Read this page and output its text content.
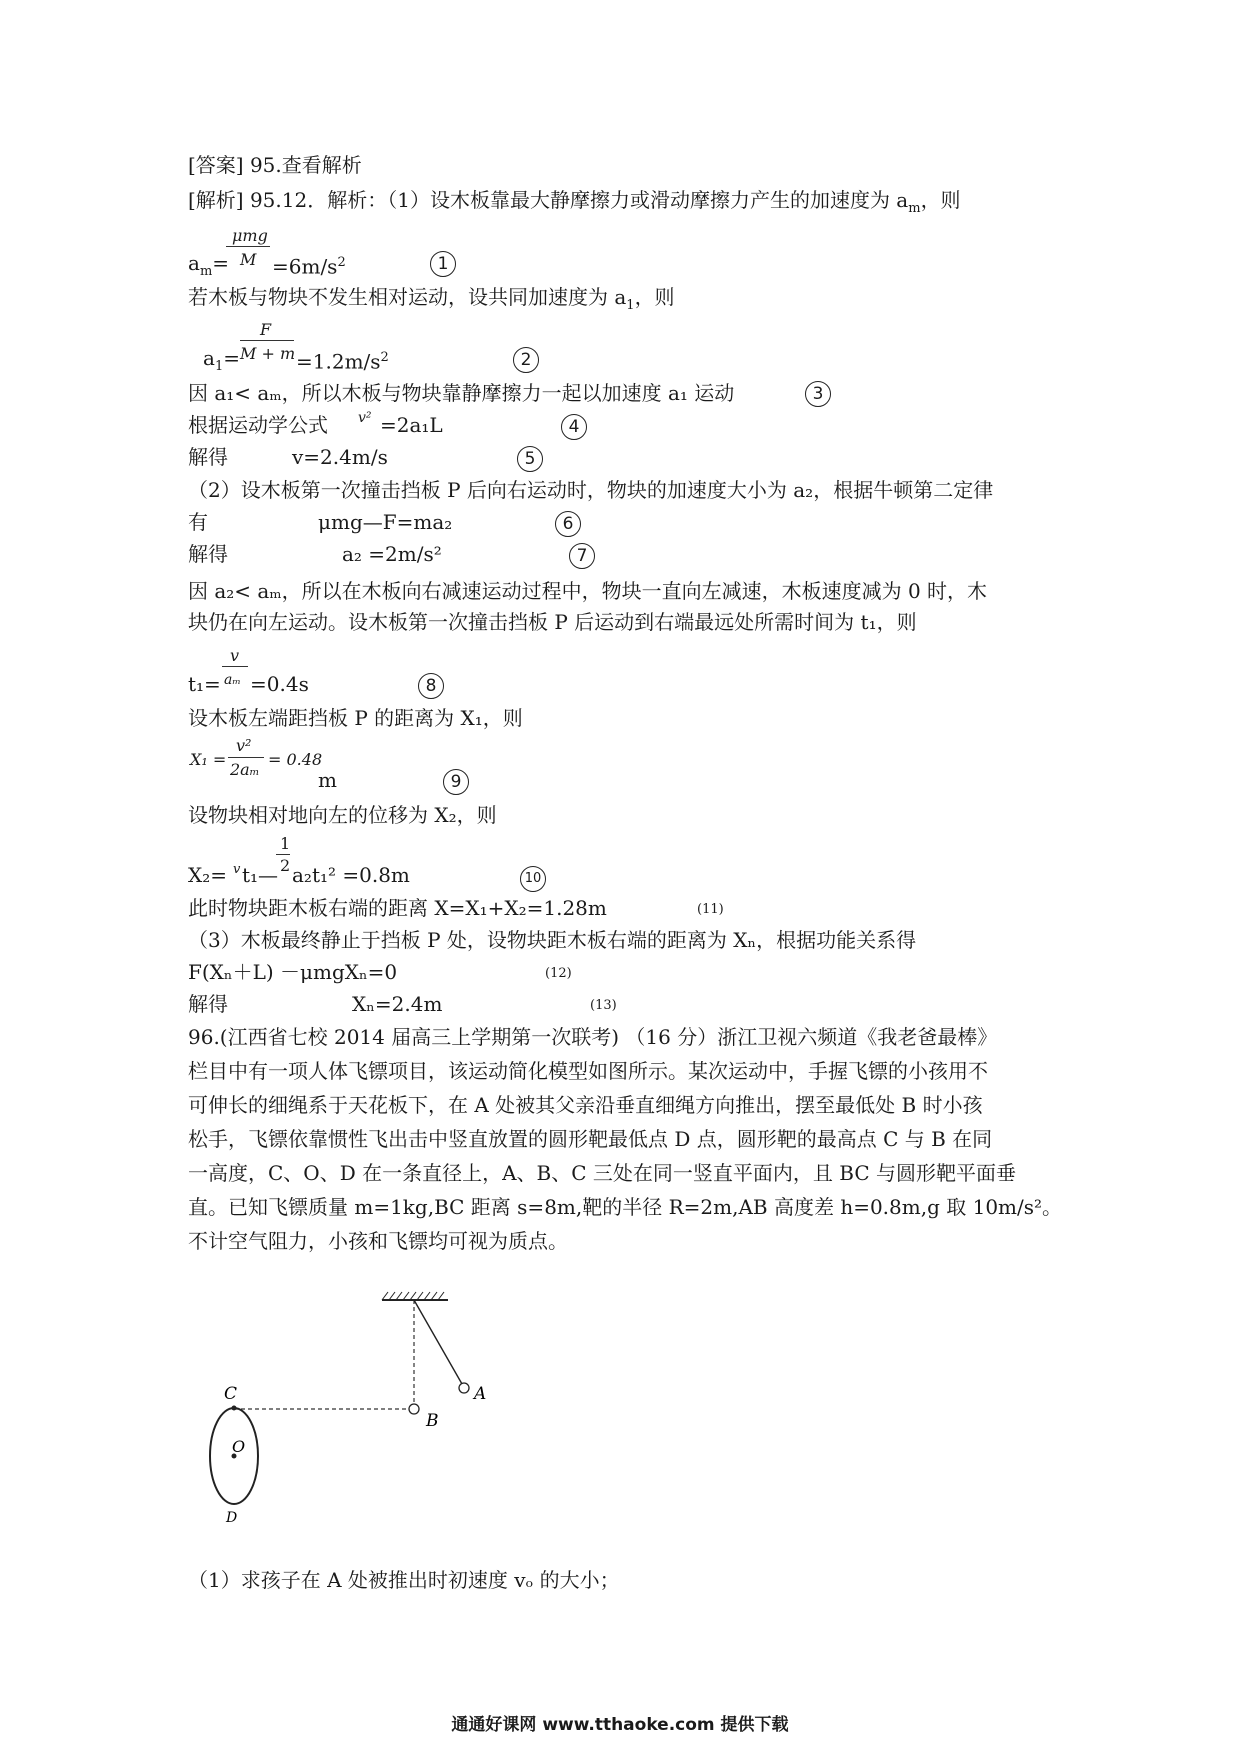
[答案] 95.查看解析
[解析] 95.12．解析：（1）设木板靠最大静摩擦力或滑动摩擦力产生的加速度为 $a_m$，则
μmg
M
$a_m= =6m/s^2$	1
若木板与物块不发生相对运动，设共同加速度为 $a_1$，则
F
M + m
$a_1=$	$=1.2m/s^2$	2
因 a₁< aₘ，所以木板与物块靠静摩擦力一起以加速度 a₁ 运动	3
根据运动学公式 v² =2a₁L	4
解得	v=2.4m/s	5
（2）设木板第一次撞击挡板 P 后向右运动时，物块的加速度大小为 a₂，根据牛顿第二定律
有	μmg—F=ma₂	6
解得	a₂ =2m/s²	7
因 a₂< aₘ，所以在木板向右减速运动过程中，物块一直向左减速，木板速度减为 0 时，木
块仍在向左运动。设木板第一次撞击挡板 P 后运动到右端最远处所需时间为 t₁，则
v
aₘ
t₁= =0.4s	8
设木板左端距挡板 P 的距离为 X₁，则
X₁ =
v²
2aₘ
= 0.48
m	9
设物块相对地向左的位移为 X₂，则
X₂= v t₁—
1
2 a₂t₁² =0.8m	10
此时物块距木板右端的距离 X=X₁+X₂=1.28m	(11)
（3）木板最终静止于挡板 P 处，设物块距木板右端的距离为 Xₙ，根据功能关系得
F(Xₙ＋L) －μmgXₙ=0	(12)
解得	Xₙ=2.4m	(13)
96.(江西省七校 2014 届高三上学期第一次联考) （16 分）浙江卫视六频道《我老爸最棒》
栏目中有一项人体飞镖项目，该运动简化模型如图所示。某次运动中，手握飞镖的小孩用不
可伸长的细绳系于天花板下，在 A 处被其父亲沿垂直细绳方向推出，摆至最低处 B 时小孩
松手，飞镖依靠惯性飞出击中竖直放置的圆形靶最低点 D 点，圆形靶的最高点 C 与 B 在同
一高度，C、O、D 在一条直径上，A、B、C 三处在同一竖直平面内，且 BC 与圆形靶平面垂
直。已知飞镖质量 m=1kg,BC 距离 s=8m,靶的半径 R=2m,AB 高度差 h=0.8m,g 取 10m/s²。
不计空气阻力，小孩和飞镖均可视为质点。
A
B
C
O
D
（1）求孩子在 A 处被推出时初速度 vₒ 的大小；
通通好课网 www.tthaoke.com 提供下载
